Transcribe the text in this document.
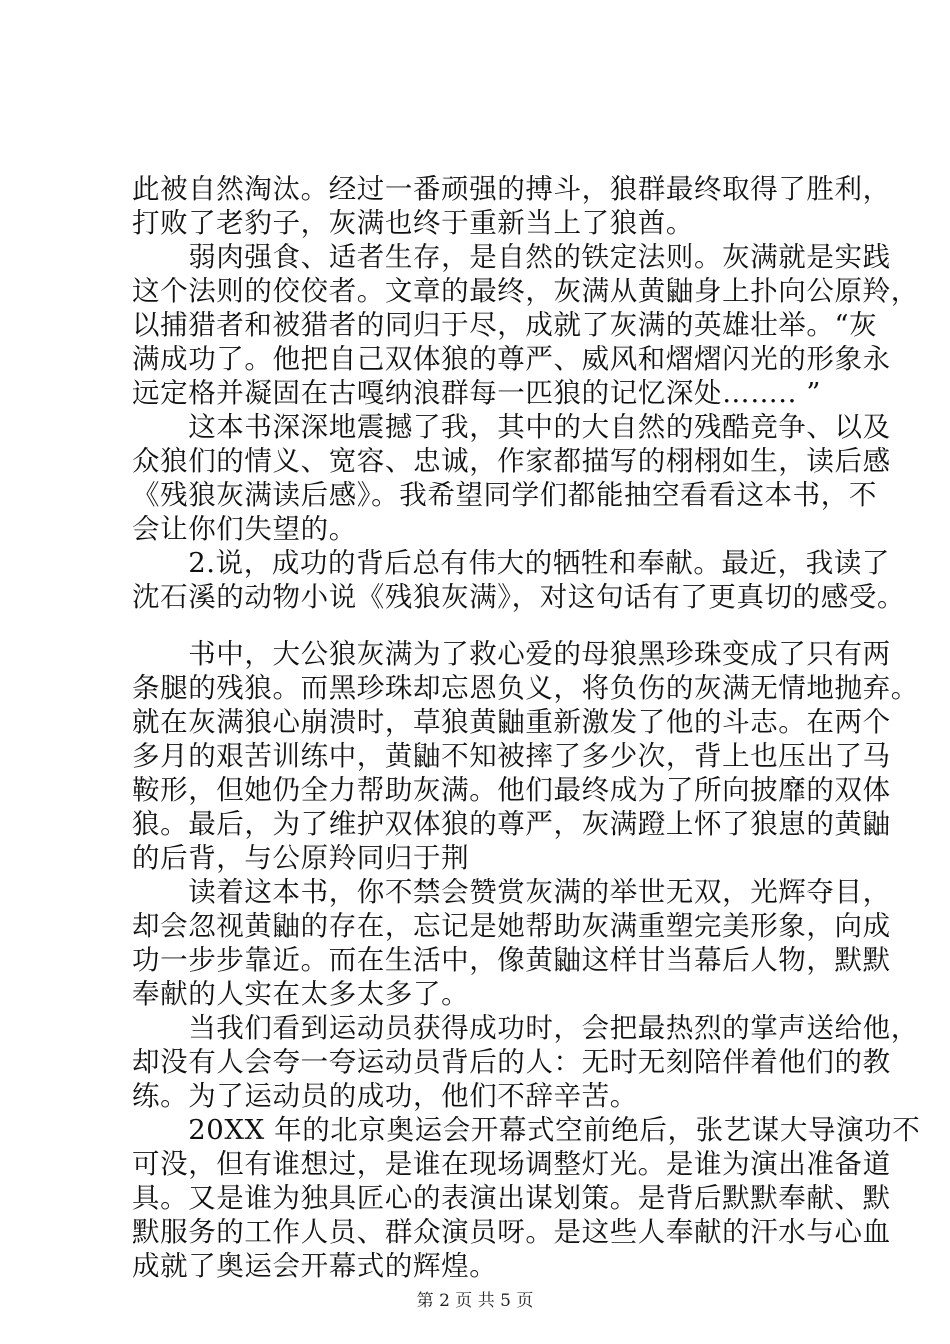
此被自然淘汰。经过一番顽强的搏斗，狼群最终取得了胜利，
打败了老豹子，灰满也终于重新当上了狼酋。
　　弱肉强食、适者生存，是自然的铁定法则。灰满就是实践
这个法则的佼佼者。文章的最终，灰满从黄鼬身上扑向公原羚，
以捕猎者和被猎者的同归于尽，成就了灰满的英雄壮举。“灰
满成功了。他把自己双体狼的尊严、威风和熠熠闪光的形象永
远定格并凝固在古嘎纳浪群每一匹狼的记忆深处…….. ”
　　这本书深深地震撼了我，其中的大自然的残酷竞争、以及
众狼们的情义、宽容、忠诚，作家都描写的栩栩如生，读后感
《残狼灰满读后感》。我希望同学们都能抽空看看这本书，不
会让你们失望的。
　　2.说，成功的背后总有伟大的牺牲和奉献。最近，我读了
沈石溪的动物小说《残狼灰满》，对这句话有了更真切的感受。
　　书中，大公狼灰满为了救心爱的母狼黑珍珠变成了只有两
条腿的残狼。而黑珍珠却忘恩负义，将负伤的灰满无情地抛弃。
就在灰满狼心崩溃时，草狼黄鼬重新激发了他的斗志。在两个
多月的艰苦训练中，黄鼬不知被摔了多少次，背上也压出了马
鞍形，但她仍全力帮助灰满。他们最终成为了所向披靡的双体
狼。最后，为了维护双体狼的尊严，灰满蹬上怀了狼崽的黄鼬
的后背，与公原羚同归于荆
　　读着这本书，你不禁会赞赏灰满的举世无双，光辉夺目，
却会忽视黄鼬的存在，忘记是她帮助灰满重塑完美形象，向成
功一步步靠近。而在生活中，像黄鼬这样甘当幕后人物，默默
奉献的人实在太多太多了。
　　当我们看到运动员获得成功时，会把最热烈的掌声送给他，
却没有人会夸一夸运动员背后的人：无时无刻陪伴着他们的教
练。为了运动员的成功，他们不辞辛苦。
　　20XX 年的北京奥运会开幕式空前绝后，张艺谋大导演功不
可没，但有谁想过，是谁在现场调整灯光。是谁为演出准备道
具。又是谁为独具匠心的表演出谋划策。是背后默默奉献、默
默服务的工作人员、群众演员呀。是这些人奉献的汗水与心血
成就了奥运会开幕式的辉煌。
第 2 页 共 5 页
